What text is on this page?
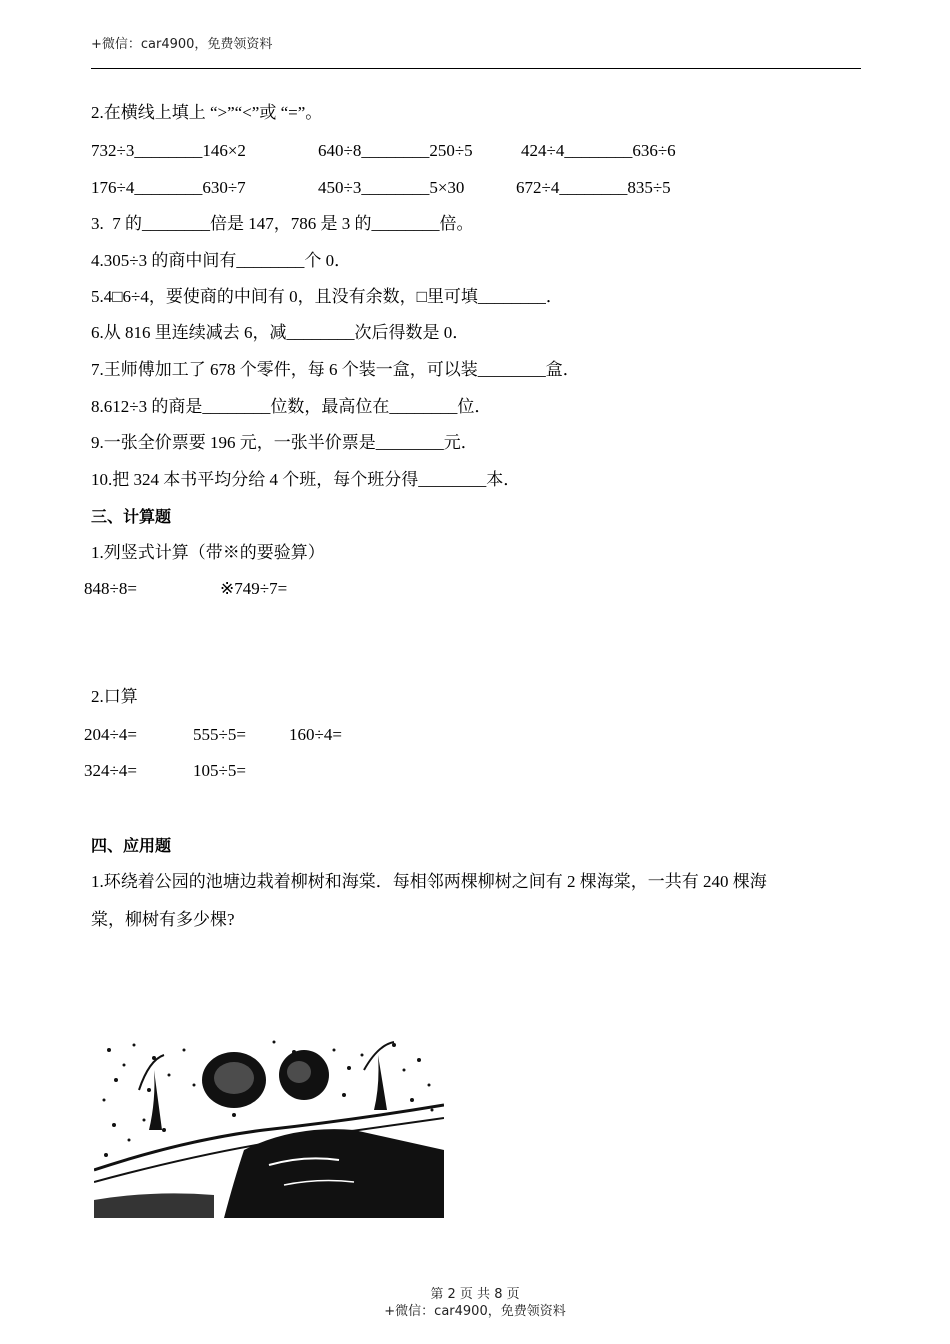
+微信：car4900，免费领资料
2.在横线上填上 “>”“<”或 “=”。
732÷3________146×2	640÷8________250÷5	424÷4________636÷6
176÷4________630÷7	450÷3________5×30	672÷4________835÷5
3.  7 的________倍是 147，786 是 3 的________倍。
4.305÷3 的商中间有________个 0．
5.4□6÷4，要使商的中间有 0，且没有余数，□里可填________．
6.从 816 里连续减去 6，减________次后得数是 0．
7.王师傅加工了 678 个零件，每 6 个装一盒，可以装________盒．
8.612÷3 的商是________位数，最高位在________位．
9.一张全价票要 196 元，一张半价票是________元．
10.把 324 本书平均分给 4 个班，每个班分得________本．
三、计算题
1.列竖式计算（带※的要验算）
848÷8=	※749÷7=
2.口算
204÷4=	555÷5=	160÷4=
324÷4=	105÷5=
四、应用题
1.环绕着公园的池塘边栽着柳树和海棠．每相邻两棵柳树之间有 2 棵海棠，一共有 240 棵海
棠，柳树有多少棵?
第 2 页 共 8 页
+微信：car4900，免费领资料
